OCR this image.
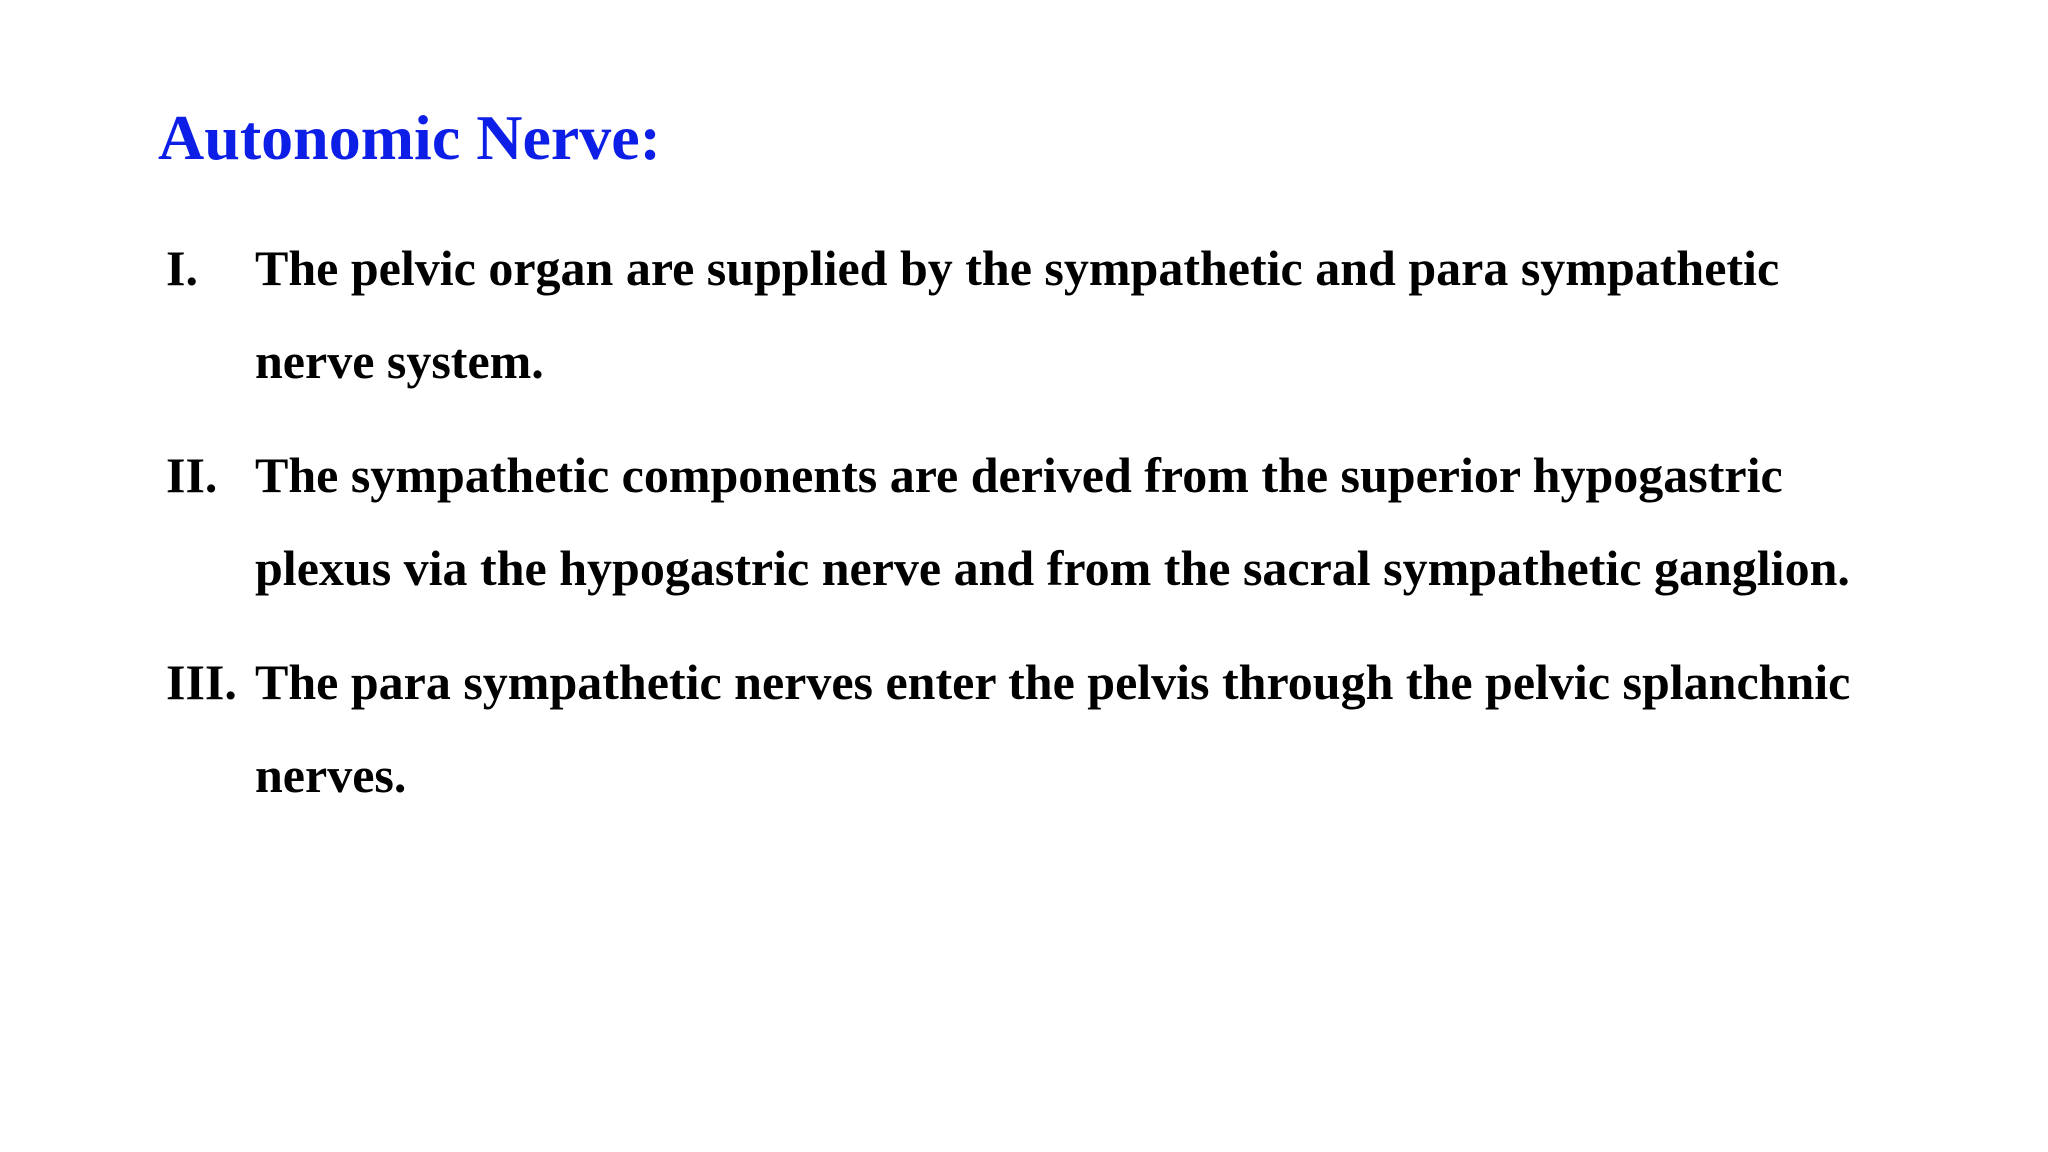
Autonomic Nerve:
I. The pelvic organ are supplied by the sympathetic and para sympathetic
nerve system.
II. The sympathetic components are derived from the superior hypogastric
plexus via the hypogastric nerve and from the sacral sympathetic ganglion.
III. The para sympathetic nerves enter the pelvis through the pelvic splanchnic
nerves.
